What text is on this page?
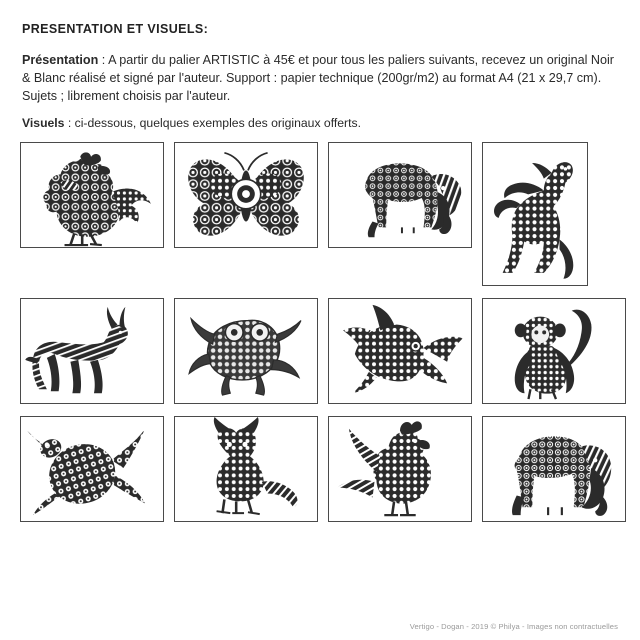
PRESENTATION ET VISUELS:
Présentation : A partir du palier ARTISTIC à 45€ et pour tous les paliers suivants, recevez un original Noir & Blanc réalisé et signé par l'auteur. Support : papier technique (200gr/m2) au format A4 (21 x 29,7 cm). Sujets ; librement choisis par l'auteur.
Visuels : ci-dessous, quelques exemples des originaux offerts.
Vertigo - Dogan - 2019 © Philya - Images non contractuelles
